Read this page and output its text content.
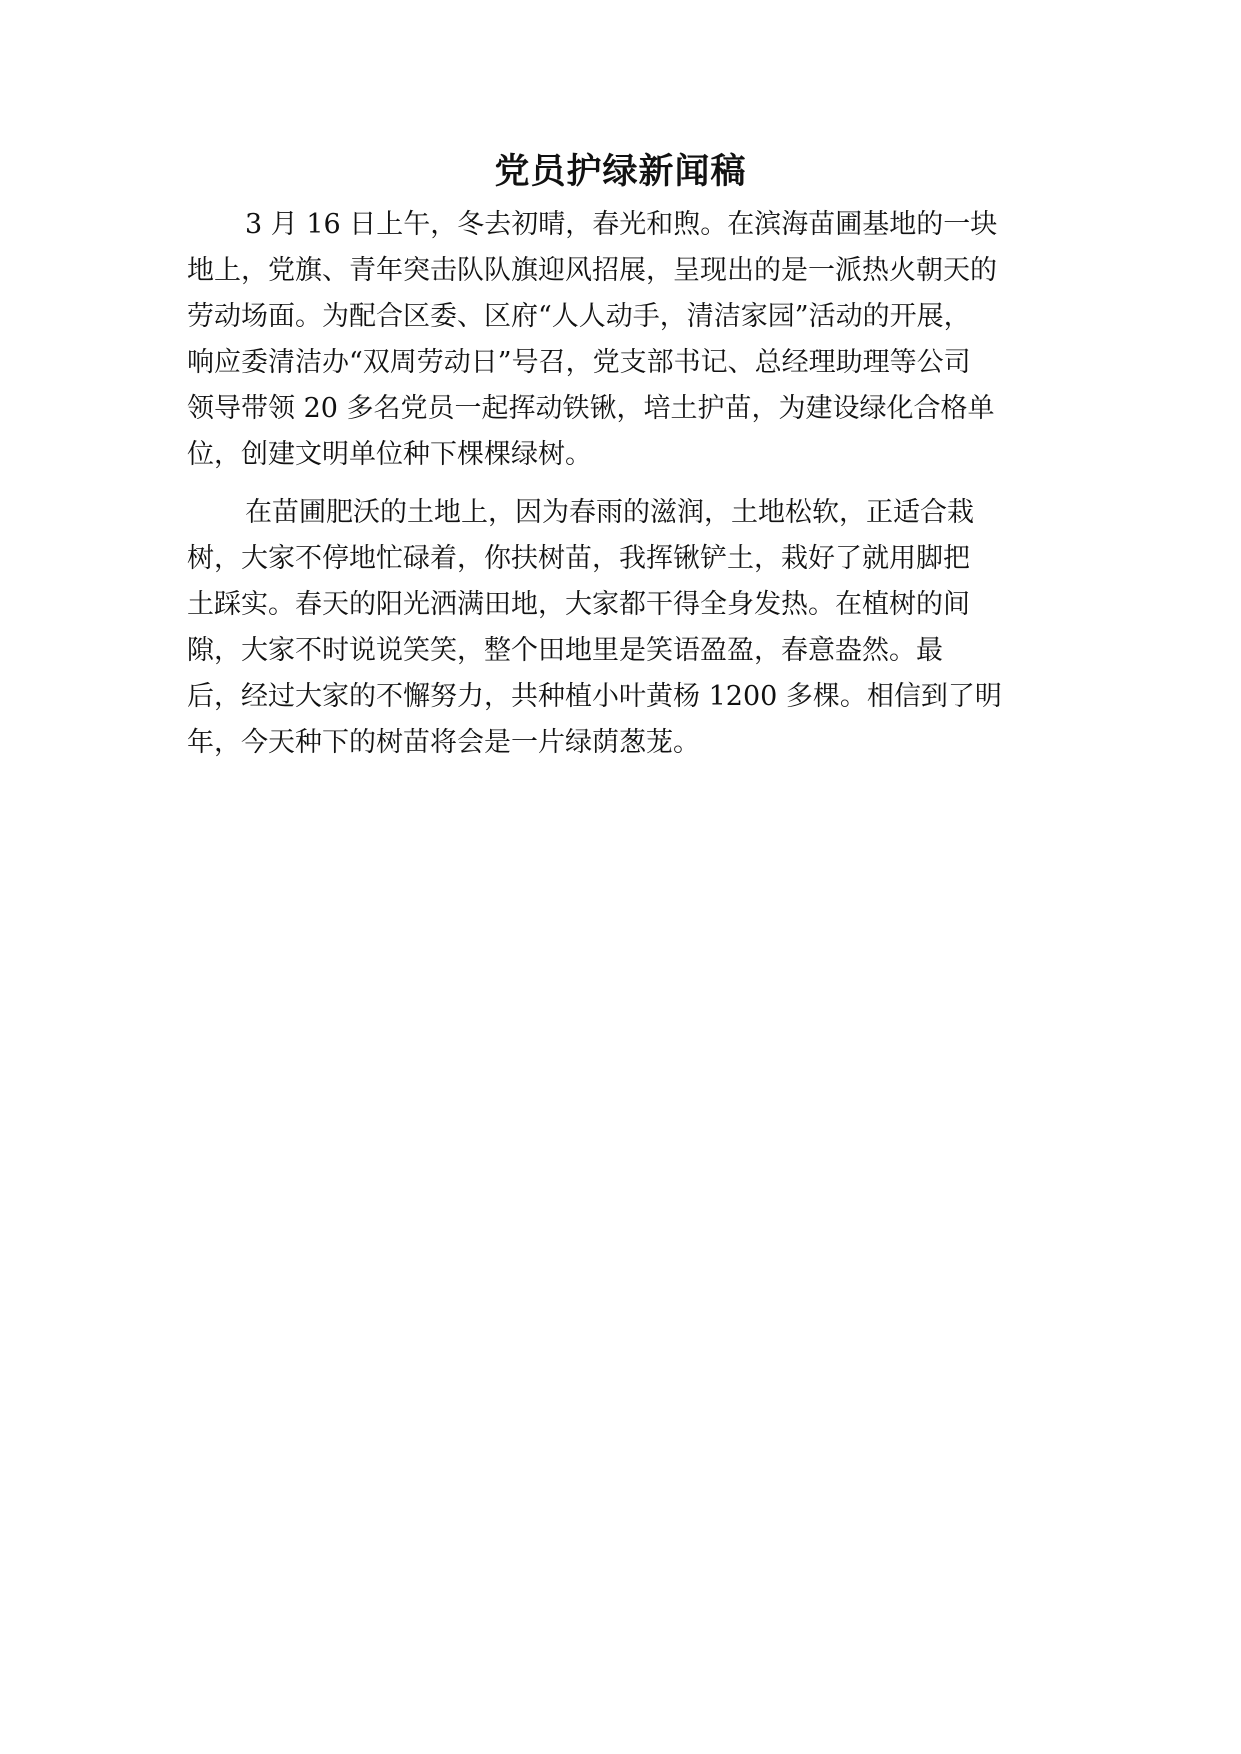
党员护绿新闻稿
3 月 16 日上午，冬去初晴，春光和煦。在滨海苗圃基地的一块
地上，党旗、青年突击队队旗迎风招展，呈现出的是一派热火朝天的
劳动场面。为配合区委、区府“人人动手，清洁家园”活动的开展，
响应委清洁办“双周劳动日”号召，党支部书记、总经理助理等公司
领导带领 20 多名党员一起挥动铁锹，培土护苗，为建设绿化合格单
位，创建文明单位种下棵棵绿树。
在苗圃肥沃的土地上，因为春雨的滋润，土地松软，正适合栽
树，大家不停地忙碌着，你扶树苗，我挥锹铲土，栽好了就用脚把
土踩实。春天的阳光洒满田地，大家都干得全身发热。在植树的间
隙，大家不时说说笑笑，整个田地里是笑语盈盈，春意盎然。最
后，经过大家的不懈努力，共种植小叶黄杨 1200 多棵。相信到了明
年，今天种下的树苗将会是一片绿荫葱茏。
